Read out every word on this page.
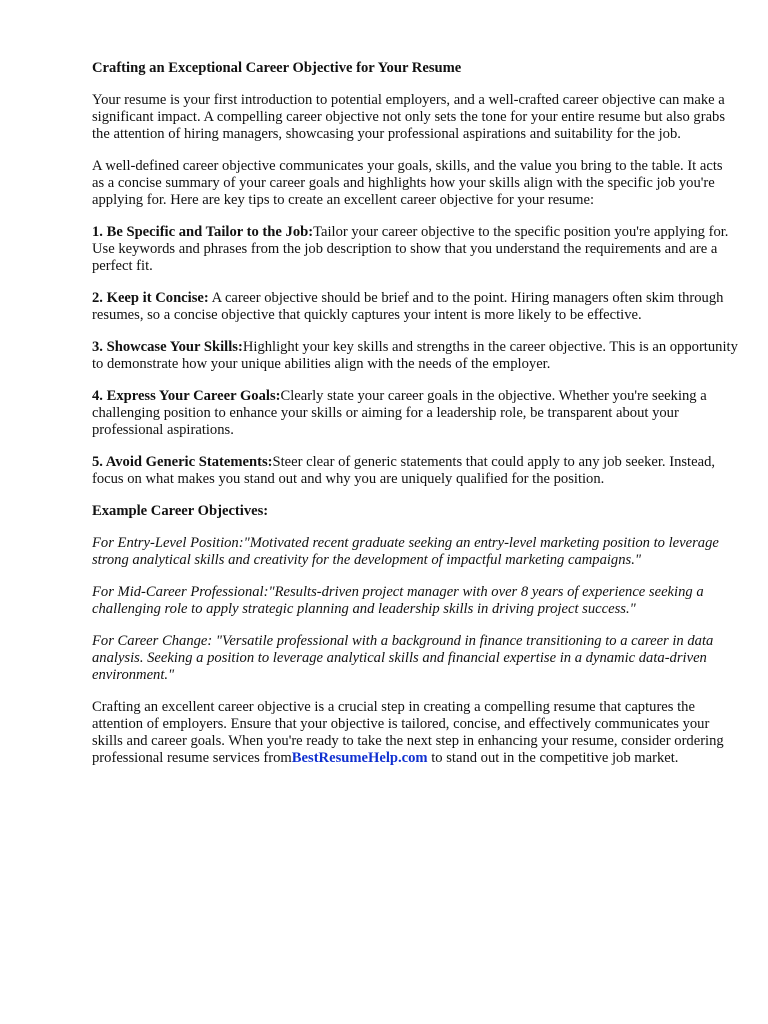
Crafting an Exceptional Career Objective for Your Resume

Your resume is your first introduction to potential employers, and a well-crafted career objective can make a significant impact. A compelling career objective not only sets the tone for your entire resume but also grabs the attention of hiring managers, showcasing your professional aspirations and suitability for the job.

A well-defined career objective communicates your goals, skills, and the value you bring to the table. It acts as a concise summary of your career goals and highlights how your skills align with the specific job you're applying for. Here are key tips to create an excellent career objective for your resume:

1. Be Specific and Tailor to the Job:Tailor your career objective to the specific position you're applying for. Use keywords and phrases from the job description to show that you understand the requirements and are a perfect fit.

2. Keep it Concise: A career objective should be brief and to the point. Hiring managers often skim through resumes, so a concise objective that quickly captures your intent is more likely to be effective.

3. Showcase Your Skills:Highlight your key skills and strengths in the career objective. This is an opportunity to demonstrate how your unique abilities align with the needs of the employer.

4. Express Your Career Goals:Clearly state your career goals in the objective. Whether you're seeking a challenging position to enhance your skills or aiming for a leadership role, be transparent about your professional aspirations.

5. Avoid Generic Statements:Steer clear of generic statements that could apply to any job seeker. Instead, focus on what makes you stand out and why you are uniquely qualified for the position.

Example Career Objectives:

For Entry-Level Position:"Motivated recent graduate seeking an entry-level marketing position to leverage strong analytical skills and creativity for the development of impactful marketing campaigns."

For Mid-Career Professional:"Results-driven project manager with over 8 years of experience seeking a challenging role to apply strategic planning and leadership skills in driving project success."

For Career Change: "Versatile professional with a background in finance transitioning to a career in data analysis. Seeking a position to leverage analytical skills and financial expertise in a dynamic data-driven environment."

Crafting an excellent career objective is a crucial step in creating a compelling resume that captures the attention of employers. Ensure that your objective is tailored, concise, and effectively communicates your skills and career goals. When you're ready to take the next step in enhancing your resume, consider ordering professional resume services fromBestResumeHelp.com to stand out in the competitive job market.
